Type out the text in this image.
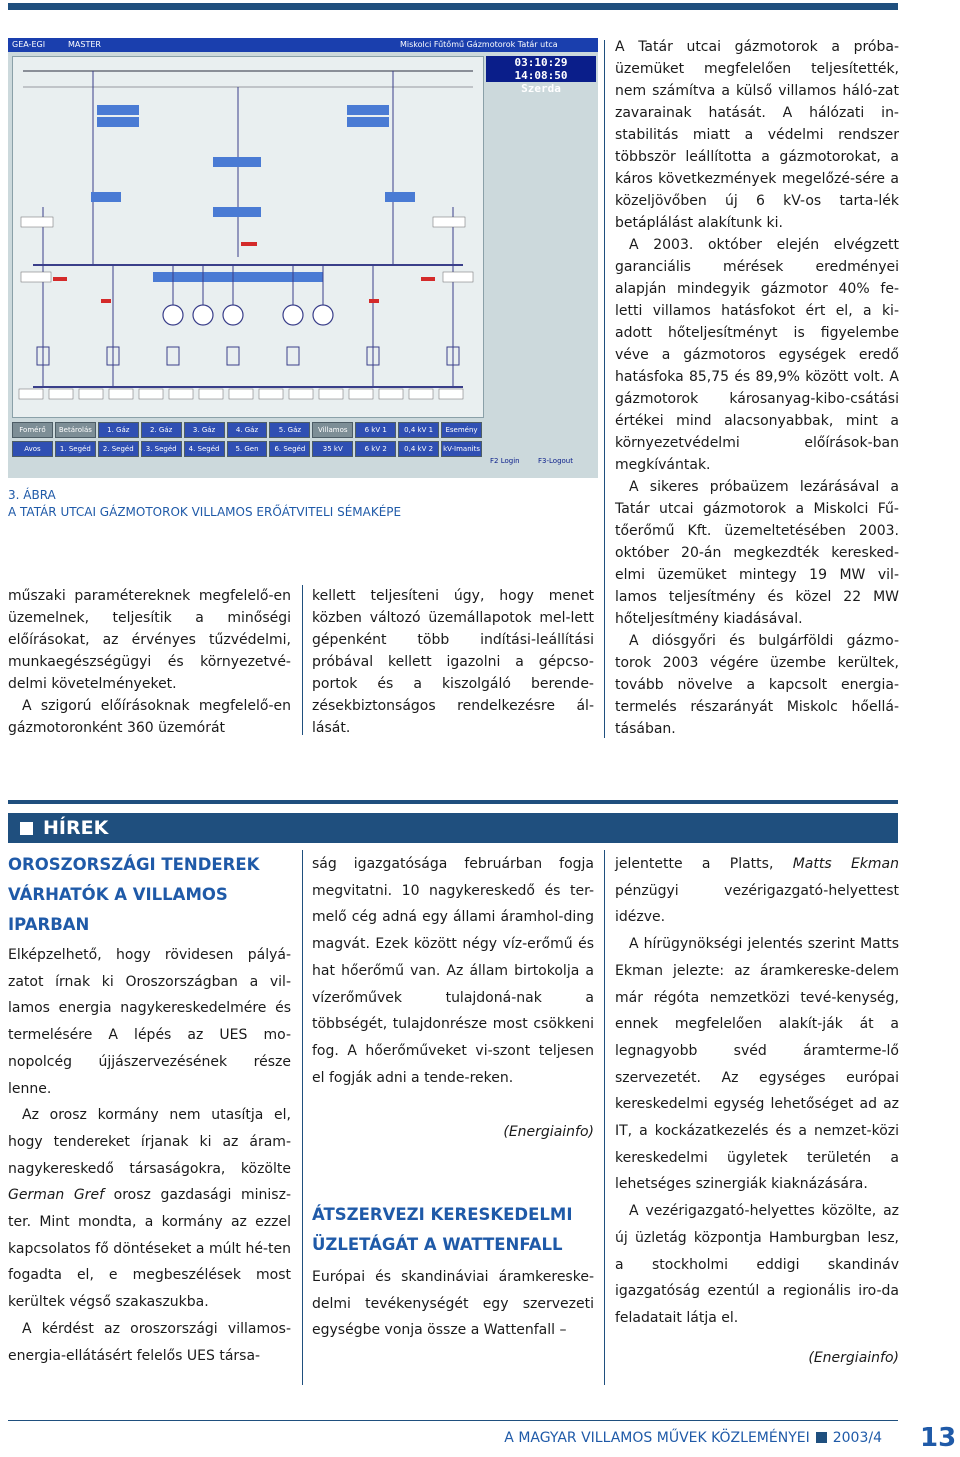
GEA-EGI	MASTER	Miskolci Fűtőmű Gázmotorok Tatár utca
03:10:29 14:08:50
Szerda
Fomérő	Betárolás	1. Gáz	2. Gáz	3. Gáz	4. Gáz	5. Gáz	Villamos	6 kV 1	0,4 kV 1	Esemény
Avos	1. Segéd	2. Segéd	3. Segéd	4. Segéd	5. Gen	6. Segéd	35 kV	6 kV 2	0,4 kV 2	kV-Imanits
F2 Login	F3-Logout
3. ÁBRA
A TATÁR UTCAI GÁZMOTOROK VILLAMOS ERŐÁTVITELI SÉMAKÉPE

műszaki paramétereknek megfelelő-en üzemelnek, teljesítik a minőségi előírásokat, az érvényes tűzvédelmi, munkaegészségügyi és környezetvé-delmi követelményeket.

A szigorú előírásoknak megfelelő-en gázmotoronként 360 üzemórát

kellett teljesíteni úgy, hogy menet közben változó üzemállapotok mel-lett gépenként több indítási-leállítási próbával kellett igazolni a gépcso-portok és a kiszolgáló berende-zésekbiztonságos rendelkezésre ál-lását.

A Tatár utcai gázmotorok a próba-üzemüket megfelelően teljesítették, nem számítva a külső villamos háló-zat zavarainak hatását. A hálózati in-stabilitás miatt a védelmi rendszer többször leállította a gázmotorokat, a káros következmények megelőzé-sére a közeljövőben új 6 kV-os tarta-lék betáplálást alakítunk ki.

A 2003. október elején elvégzett garanciális mérések eredményei alapján mindegyik gázmotor 40% fe-letti villamos hatásfokot ért el, a ki-adott hőteljesítményt is figyelembe véve a gázmotoros egységek eredő hatásfoka 85,75 és 89,9% között volt. A gázmotorok károsanyag-kibo-csátási értékei mind alacsonyabbak, mint a környezetvédelmi előírások-ban megkívántak.

A sikeres próbaüzem lezárásával a Tatár utcai gázmotorok a Miskolci Fű-tőerőmű Kft. üzemeltetésében 2003. október 20-án megkezdték keresked-elmi üzemüket mintegy 19 MW vil-lamos teljesítmény és közel 22 MW hőteljesítmény kiadásával.

A diósgyőri és bulgárföldi gázmo-torok 2003 végére üzembe kerültek, tovább növelve a kapcsolt energia-termelés részarányát Miskolc hőellá-tásában.

HÍREK
OROSZORSZÁGI TENDEREK VÁRHATÓK A VILLAMOS IPARBAN

Elképzelhető, hogy rövidesen pályá-zatot írnak ki Oroszországban a vil-lamos energia nagykereskedelmére és termelésére A lépés az UES mo-nopolcég újjászervezésének része lenne.

Az orosz kormány nem utasítja el, hogy tendereket írjanak ki az áram-nagykereskedő társaságokra, közölte German Gref orosz gazdasági minisz-ter. Mint mondta, a kormány az ezzel kapcsolatos fő döntéseket a múlt hé-ten fogadta el, e megbeszélések most kerültek végső szakaszukba.

A kérdést az oroszországi villamos-energia-ellátásért felelős UES társa-

ság igazgatósága februárban fogja megvitatni. 10 nagykereskedő és ter-melő cég adná egy állami áramhol-ding magvát. Ezek között négy víz-erőmű és hat hőerőmű van. Az állam birtokolja a vízerőművek tulajdoná-nak a többségét, tulajdonrésze most csökkeni fog. A hőerőműveket vi-szont teljesen el fogják adni a tende-reken.

(Energiainfo)

ÁTSZERVEZI KERESKEDELMI ÜZLETÁGÁT A WATTENFALL

Európai és skandináviai áramkereske-delmi tevékenységét egy szervezeti egységbe vonja össze a Wattenfall –

jelentette a Platts, Matts Ekman pénzügyi vezérigazgató-helyettest idézve.

A hírügynökségi jelentés szerint Matts Ekman jelezte: az áramkereske-delem már régóta nemzetközi tevé-kenység, ennek megfelelően alakít-ják át a legnagyobb svéd áramterme-lő szervezetét. Az egységes európai kereskedelmi egység lehetőséget ad az IT, a kockázatkezelés és a nemzet-közi kereskedelmi ügyletek területén a lehetséges szinergiák kiaknázására.

A vezérigazgató-helyettes közölte, az új üzletág központja Hamburgban lesz, a stockholmi eddigi skandináv igazgatóság ezentúl a regionális iro-da feladatait látja el.

(Energiainfo)

A MAGYAR VILLAMOS MŰVEK KÖZLEMÉNYEI 2003/4 13
